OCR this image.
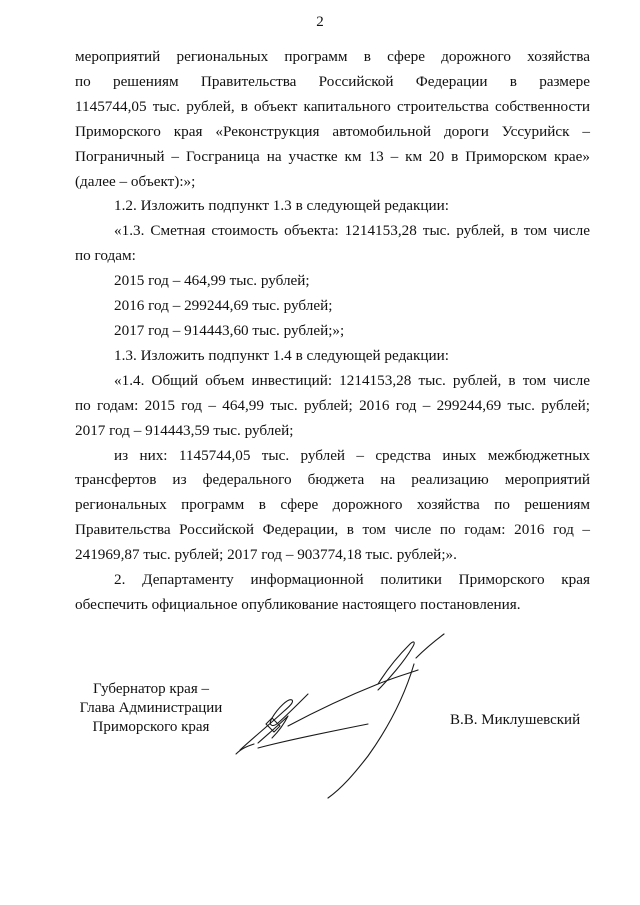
2
мероприятий региональных программ в сфере дорожного хозяйства
по решениям Правительства Российской Федерации в размере
1145744,05 тыс. рублей, в объект капитального строительства собственности
Приморского края «Реконструкция автомобильной дороги Уссурийск –
Пограничный – Госграница на участке км 13 – км 20 в Приморском крае»
(далее – объект):»;
1.2. Изложить подпункт 1.3 в следующей редакции:
«1.3. Сметная стоимость объекта: 1214153,28 тыс. рублей, в том числе
по годам:
2015 год – 464,99 тыс. рублей;
2016 год – 299244,69 тыс. рублей;
2017 год – 914443,60 тыс. рублей;»;
1.3. Изложить подпункт 1.4 в следующей редакции:
«1.4. Общий объем инвестиций: 1214153,28 тыс. рублей, в том числе
по годам: 2015 год – 464,99 тыс. рублей; 2016 год – 299244,69 тыс. рублей;
2017 год – 914443,59 тыс. рублей;
из них: 1145744,05 тыс. рублей – средства иных межбюджетных
трансфертов из федерального бюджета на реализацию мероприятий
региональных программ в сфере дорожного хозяйства по решениям
Правительства Российской Федерации, в том числе по годам: 2016 год –
241969,87 тыс. рублей; 2017 год – 903774,18 тыс. рублей;».
2. Департаменту информационной политики Приморского края
обеспечить официальное опубликование настоящего постановления.
Губернатор края –
Глава Администрации
Приморского края	В.В. Миклушевский
